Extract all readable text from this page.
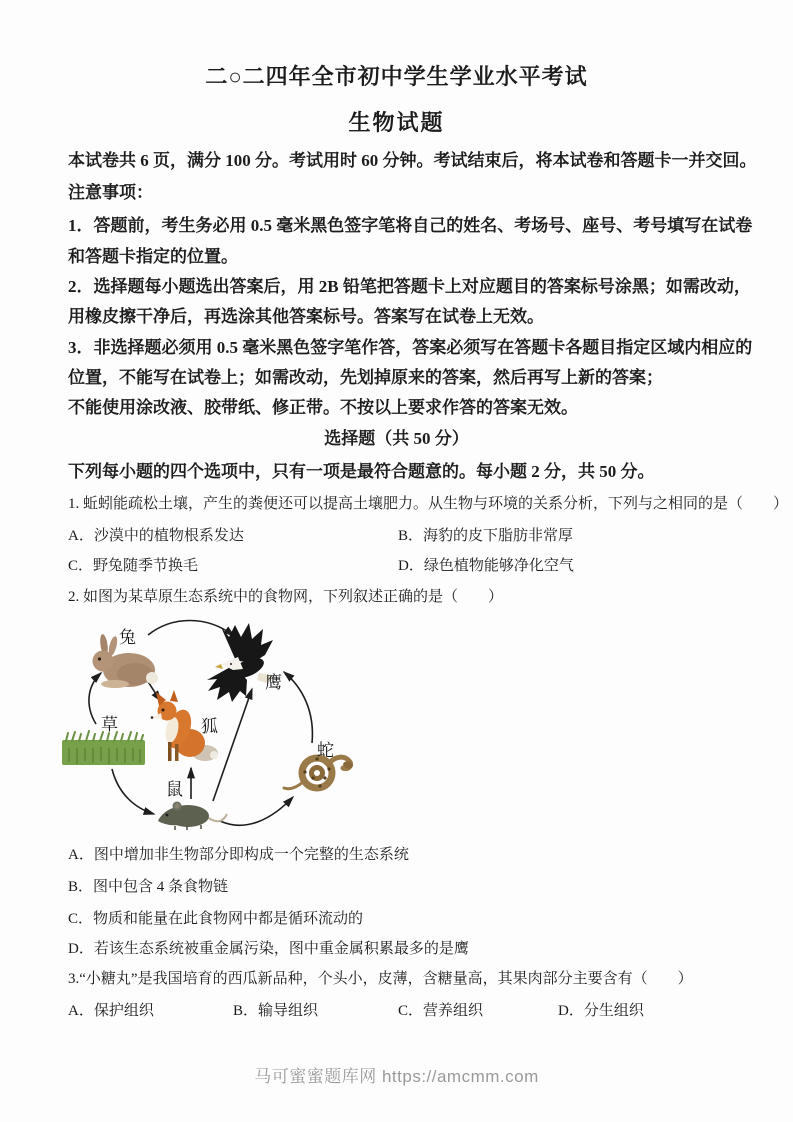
二○二四年全市初中学生学业水平考试
生物试题
本试卷共 6 页，满分 100 分。考试用时 60 分钟。考试结束后，将本试卷和答题卡一并交回。
注意事项：
1．答题前，考生务必用 0.5 毫米黑色签字笔将自己的姓名、考场号、座号、考号填写在试卷
和答题卡指定的位置。
2．选择题每小题选出答案后，用 2B 铅笔把答题卡上对应题目的答案标号涂黑；如需改动，
用橡皮擦干净后，再选涂其他答案标号。答案写在试卷上无效。
3．非选择题必须用 0.5 毫米黑色签字笔作答，答案必须写在答题卡各题目指定区域内相应的
位置，不能写在试卷上；如需改动，先划掉原来的答案，然后再写上新的答案；
不能使用涂改液、胶带纸、修正带。不按以上要求作答的答案无效。
选择题（共 50 分）
下列每小题的四个选项中，只有一项是最符合题意的。每小题 2 分，共 50 分。
1. 蚯蚓能疏松土壤，产生的粪便还可以提高土壤肥力。从生物与环境的关系分析，下列与之相同的是（　　）
A．沙漠中的植物根系发达	B．海豹的皮下脂肪非常厚
C．野兔随季节换毛	D．绿色植物能够净化空气
2. 如图为某草原生态系统中的食物网，下列叙述正确的是（　　）
兔
鹰
草	狐
蛇
鼠
A．图中增加非生物部分即构成一个完整的生态系统
B．图中包含 4 条食物链
C．物质和能量在此食物网中都是循环流动的
D．若该生态系统被重金属污染，图中重金属积累最多的是鹰
3.“小糖丸”是我国培育的西瓜新品种，个头小，皮薄，含糖量高，其果肉部分主要含有（　　）
A．保护组织	B．输导组织	C．营养组织	D．分生组织
马可蜜蜜题库网 https://amcmm.com
